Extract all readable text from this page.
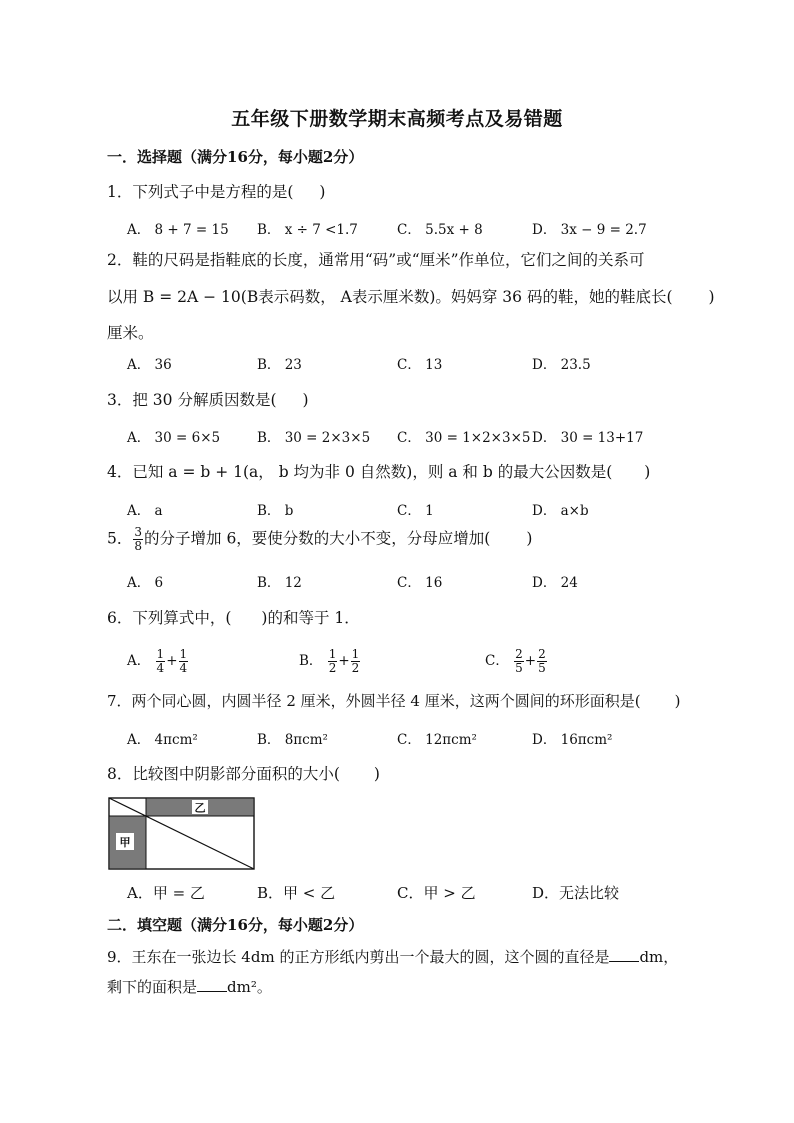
五年级下册数学期末高频考点及易错题
一．选择题（满分16分，每小题2分）
1．下列式子中是方程的是( )
A． 8 + 7 = 15 B． x ÷ 7 <1.7	C． 5.5x + 8	D． 3x − 9 = 2.7
2．鞋的尺码是指鞋底的长度，通常用“码”或“厘米”作单位，它们之间的关系可
以用 B = 2A − 10(B表示码数， A表示厘米数)。妈妈穿 36 码的鞋，她的鞋底长( )
厘米。
A． 36	B． 23	C． 13	D． 23.5
3．把 30 分解质因数是( )
A． 30 = 6×5	B． 30 = 2×3×5 C． 30 = 1×2×3×5 D． 30 = 13+17
4．已知 a = b + 1(a， b 均为非 0 自然数)，则 a 和 b 的最大公因数是( )
A． a	B． b	C． 1	D． a×b
5． $\frac{3}{8}$ 的分子增加 6，要使分数的大小不变，分母应增加( )
A． 6	B． 12	C． 16	D． 24
6．下列算式中，( )的和等于 1．
A． $\frac{1}{4} + \frac{1}{4}$	B． $\frac{1}{2} + \frac{1}{2}$	C． $\frac{2}{5} + \frac{2}{5}$
7．两个同心圆，内圆半径 2 厘米，外圆半径 4 厘米，这两个圆间的环形面积是( )
A． 4πcm²	B． 8πcm²	C． 12πcm²	D． 16πcm²
8．比较图中阴影部分面积的大小( )
乙
甲
A．甲 = 乙	B．甲 < 乙	C．甲 > 乙	D．无法比较
二．填空题（满分16分，每小题2分）
9．王东在一张边长 4dm 的正方形纸内剪出一个最大的圆，这个圆的直径是 dm，
剩下的面积是 dm²。
